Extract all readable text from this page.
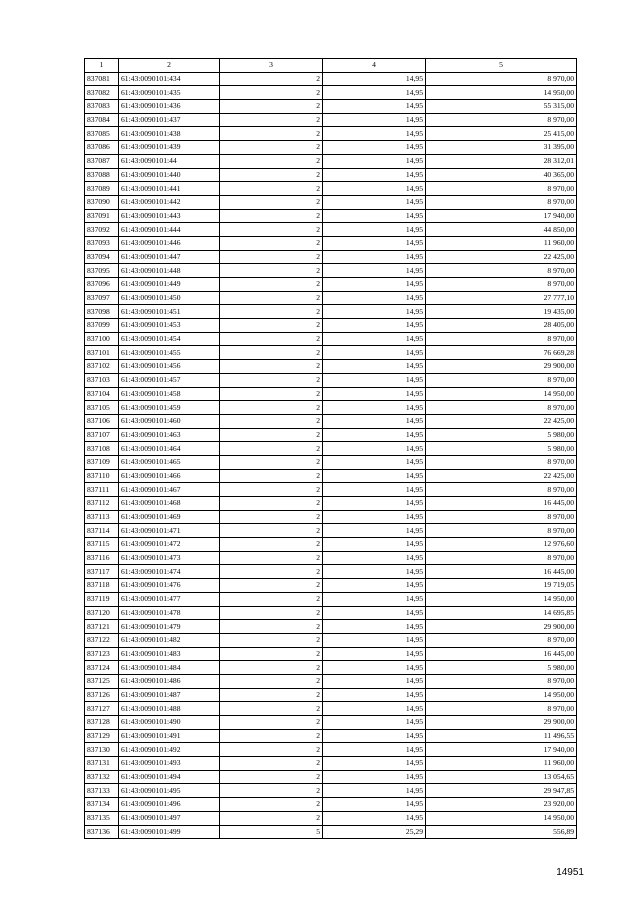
1	2	3	4	5
837081	61:43:0090101:434	2	14,95	8 970,00
837082	61:43:0090101:435	2	14,95	14 950,00
837083	61:43:0090101:436	2	14,95	55 315,00
837084	61:43:0090101:437	2	14,95	8 970,00
837085	61:43:0090101:438	2	14,95	25 415,00
837086	61:43:0090101:439	2	14,95	31 395,00
837087	61:43:0090101:44	2	14,95	28 312,01
837088	61:43:0090101:440	2	14,95	40 365,00
837089	61:43:0090101:441	2	14,95	8 970,00
837090	61:43:0090101:442	2	14,95	8 970,00
837091	61:43:0090101:443	2	14,95	17 940,00
837092	61:43:0090101:444	2	14,95	44 850,00
837093	61:43:0090101:446	2	14,95	11 960,00
837094	61:43:0090101:447	2	14,95	22 425,00
837095	61:43:0090101:448	2	14,95	8 970,00
837096	61:43:0090101:449	2	14,95	8 970,00
837097	61:43:0090101:450	2	14,95	27 777,10
837098	61:43:0090101:451	2	14,95	19 435,00
837099	61:43:0090101:453	2	14,95	28 405,00
837100	61:43:0090101:454	2	14,95	8 970,00
837101	61:43:0090101:455	2	14,95	76 669,28
837102	61:43:0090101:456	2	14,95	29 900,00
837103	61:43:0090101:457	2	14,95	8 970,00
837104	61:43:0090101:458	2	14,95	14 950,00
837105	61:43:0090101:459	2	14,95	8 970,00
837106	61:43:0090101:460	2	14,95	22 425,00
837107	61:43:0090101:463	2	14,95	5 980,00
837108	61:43:0090101:464	2	14,95	5 980,00
837109	61:43:0090101:465	2	14,95	8 970,00
837110	61:43:0090101:466	2	14,95	22 425,00
837111	61:43:0090101:467	2	14,95	8 970,00
837112	61:43:0090101:468	2	14,95	16 445,00
837113	61:43:0090101:469	2	14,95	8 970,00
837114	61:43:0090101:471	2	14,95	8 970,00
837115	61:43:0090101:472	2	14,95	12 976,60
837116	61:43:0090101:473	2	14,95	8 970,00
837117	61:43:0090101:474	2	14,95	16 445,00
837118	61:43:0090101:476	2	14,95	19 719,05
837119	61:43:0090101:477	2	14,95	14 950,00
837120	61:43:0090101:478	2	14,95	14 695,85
837121	61:43:0090101:479	2	14,95	29 900,00
837122	61:43:0090101:482	2	14,95	8 970,00
837123	61:43:0090101:483	2	14,95	16 445,00
837124	61:43:0090101:484	2	14,95	5 980,00
837125	61:43:0090101:486	2	14,95	8 970,00
837126	61:43:0090101:487	2	14,95	14 950,00
837127	61:43:0090101:488	2	14,95	8 970,00
837128	61:43:0090101:490	2	14,95	29 900,00
837129	61:43:0090101:491	2	14,95	11 496,55
837130	61:43:0090101:492	2	14,95	17 940,00
837131	61:43:0090101:493	2	14,95	11 960,00
837132	61:43:0090101:494	2	14,95	13 054,65
837133	61:43:0090101:495	2	14,95	29 947,85
837134	61:43:0090101:496	2	14,95	23 920,00
837135	61:43:0090101:497	2	14,95	14 950,00
837136	61:43:0090101:499	5	25,29	556,89
14951
